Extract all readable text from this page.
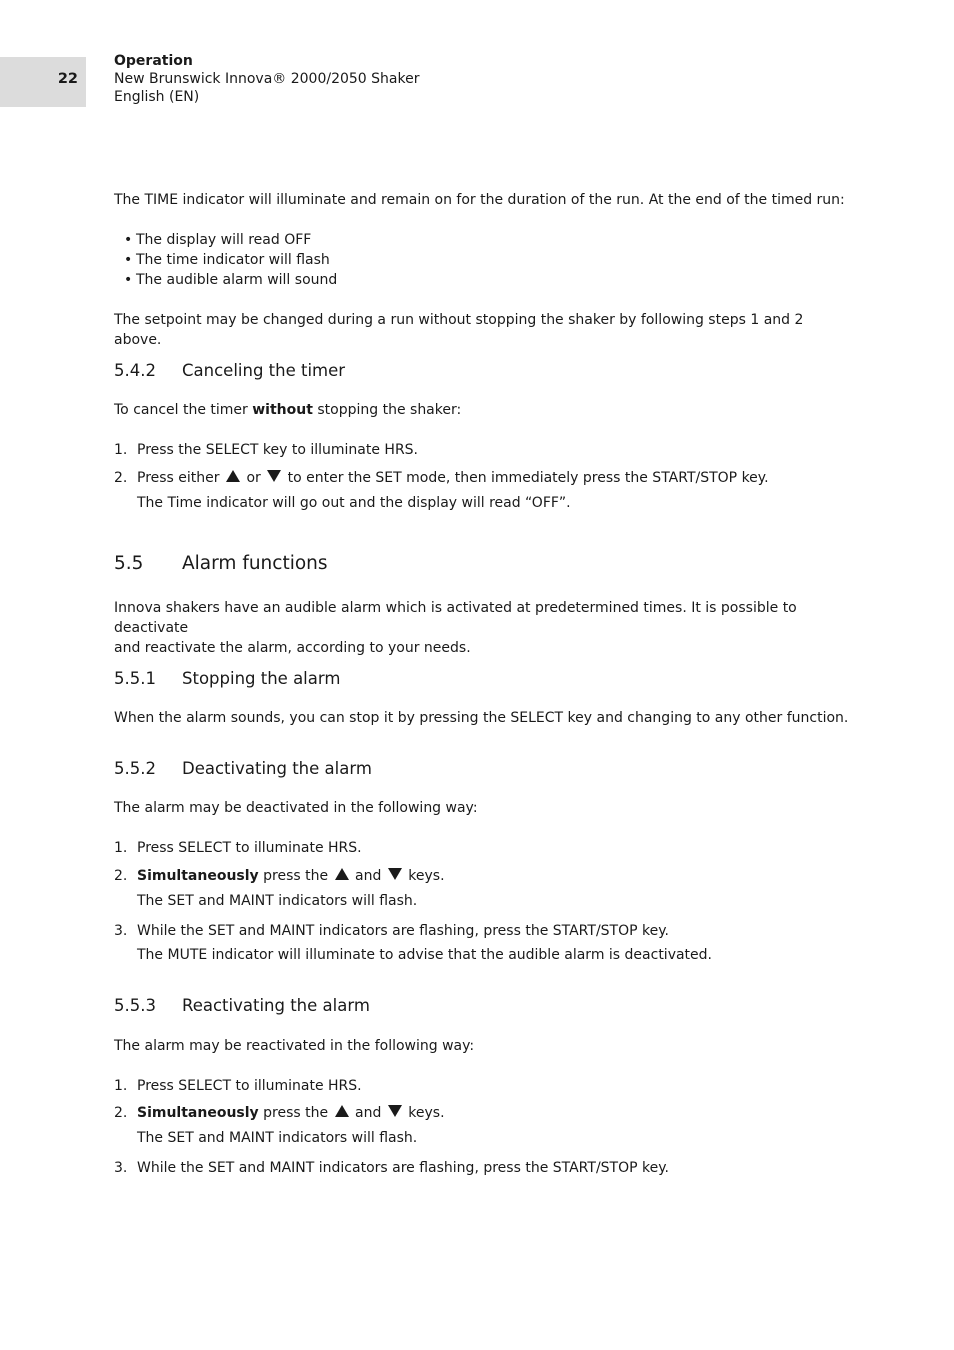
22
Operation
New Brunswick Innova® 2000/2050 Shaker
English (EN)

The TIME indicator will illuminate and remain on for the duration of the run. At the end of the timed run:

• The display will read OFF
• The time indicator will flash
• The audible alarm will sound

The setpoint may be changed during a run without stopping the shaker by following steps 1 and 2 above.

5.4.2 Canceling the timer

To cancel the timer without stopping the shaker:

1. Press the SELECT key to illuminate HRS.
2. Press either or to enter the SET mode, then immediately press the START/STOP key.
The Time indicator will go out and the display will read “OFF”.
5.5 Alarm functions
Innova shakers have an audible alarm which is activated at predetermined times. It is possible to deactivate
and reactivate the alarm, according to your needs.
5.5.1 Stopping the alarm

When the alarm sounds, you can stop it by pressing the SELECT key and changing to any other function.

5.5.2 Deactivating the alarm

The alarm may be deactivated in the following way:

1. Press SELECT to illuminate HRS.
2. Simultaneously press the and keys.
The SET and MAINT indicators will flash.
3. While the SET and MAINT indicators are flashing, press the START/STOP key.
The MUTE indicator will illuminate to advise that the audible alarm is deactivated.
5.5.3 Reactivating the alarm

The alarm may be reactivated in the following way:

1. Press SELECT to illuminate HRS.
2. Simultaneously press the and keys.
The SET and MAINT indicators will flash.
3. While the SET and MAINT indicators are flashing, press the START/STOP key.
